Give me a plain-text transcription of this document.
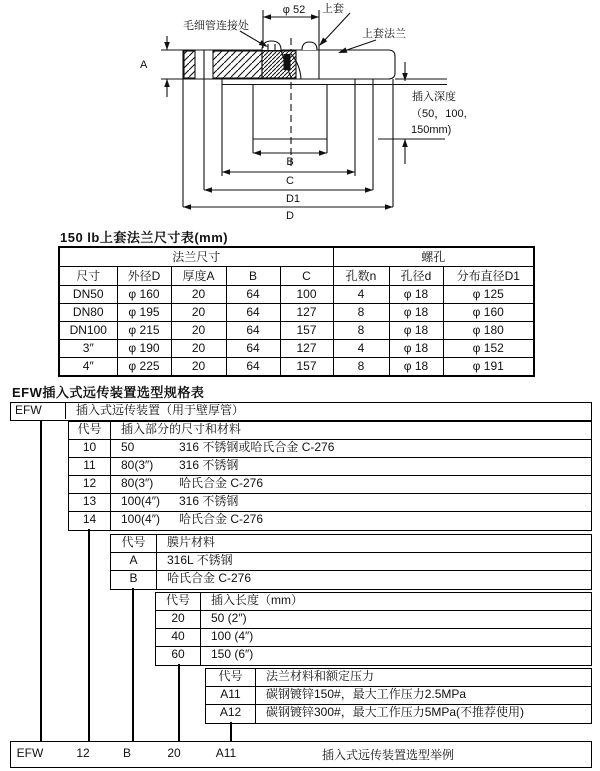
φ 52
毛细管连接处
上套
上套法兰
A
插入深度
（50，100,
150mm)
B
C
D1
D
150 lb上套法兰尺寸表(mm)
法兰尺寸					螺孔		
尺寸	外径D	厚度A	B	C	孔数n	孔径d	分布直径D1
DN50	φ 160	20	64	100	4	φ 18	φ 125
DN80	φ 195	20	64	127	8	φ 18	φ 160
DN100	φ 215	20	64	157	8	φ 18	φ 180
3″	φ 190	20	64	127	4	φ 18	φ 152
4″	φ 225	20	64	157	8	φ 18	φ 191
EFW插入式远传装置选型规格表
EFW	插入式远传装置（用于壁厚管）
代号	插入部分的尺寸和材料
10	50	316 不锈钢或哈氏合金 C-276
11	80(3″) 316 不锈钢
12	80(3″) 哈氏合金 C-276
13	100(4″) 316 不锈钢
14	100(4″) 哈氏合金 C-276
代号	膜片材料
A	316L 不锈钢
B	哈氏合金 C-276
代号	插入长度（mm）
20	50 (2″)
40	100 (4″)
60	150 (6″)
代号	法兰材料和额定压力
A11	碳钢镀锌150#，最大工作压力2.5MPa
A12	碳钢镀锌300#，最大工作压力5MPa(不推荐使用)
EFW	12	B	20	A11	插入式远传装置选型举例
